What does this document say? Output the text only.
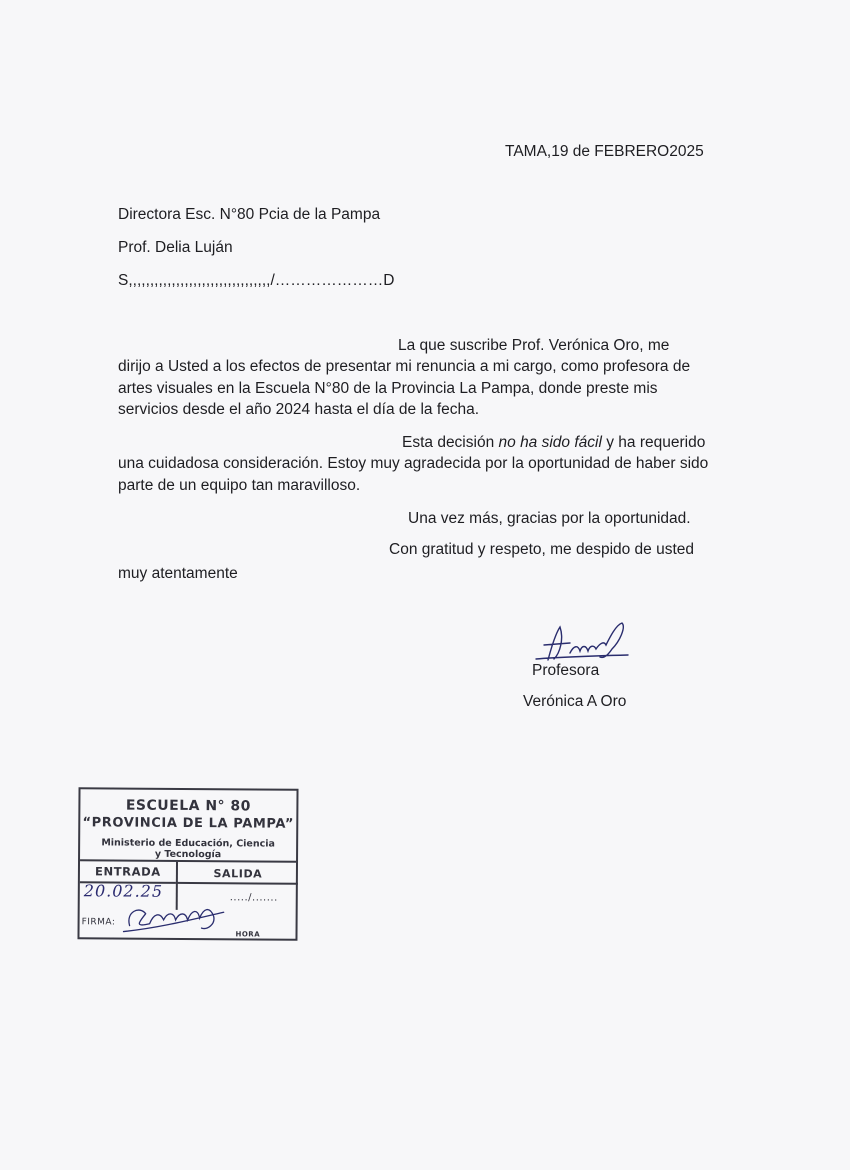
TAMA,19 de FEBRERO2025
Directora Esc. N°80 Pcia de la Pampa
Prof. Delia Luján
S,,,,,,,,,,,,,,,,,,,,,,,,,,,,,,,,,/…………………D
La que suscribe Prof. Verónica Oro, me
dirijo a Usted a los efectos de presentar mi renuncia a mi cargo, como profesora de artes visuales en la Escuela N°80 de la Provincia La Pampa, donde preste mis servicios desde el año 2024 hasta el día de la fecha.
Esta decisión no ha sido fácil y ha requerido
una cuidadosa consideración. Estoy muy agradecida por la oportunidad de haber sido parte de un equipo tan maravilloso.
Una vez más, gracias por la oportunidad.
Con gratitud y respeto, me despido de usted
muy atentamente
Profesora
Verónica A Oro
ESCUELA N° 80
“PROVINCIA DE LA PAMPA”
Ministerio de Educación, Ciencia
y Tecnología
ENTRADA	SALIDA
20.02.25	...../.......
FIRMA:
HORA
